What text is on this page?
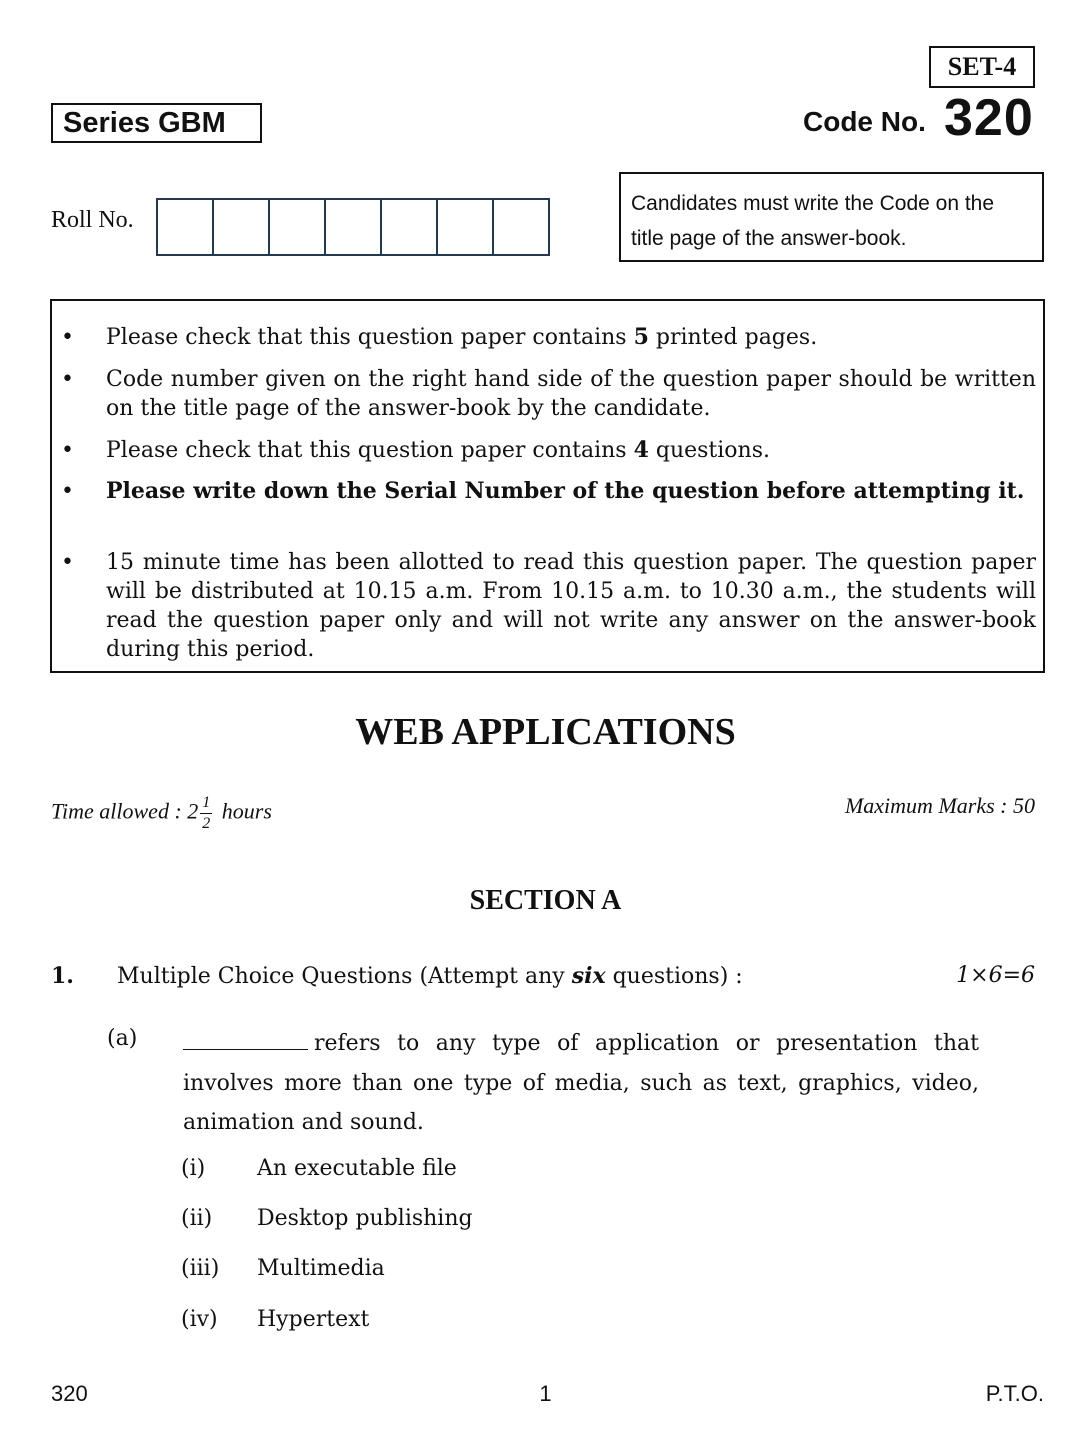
SET-4
Series GBM	Code No. 320
Roll No.
Candidates must write the Code on the
title page of the answer-book.
• Please check that this question paper contains 5 printed pages.
• Code number given on the right hand side of the question paper should be written on the title page of the answer-book by the candidate.
• Please check that this question paper contains 4 questions.
• Please write down the Serial Number of the question before attempting it.
• 15 minute time has been allotted to read this question paper. The question paper will be distributed at 10.15 a.m. From 10.15 a.m. to 10.30 a.m., the students will read the question paper only and will not write any answer on the answer-book during this period.
WEB APPLICATIONS
Time allowed : $2 \frac{1}{2}$ hours	Maximum Marks : 50
SECTION A
1. Multiple Choice Questions (Attempt any six questions) :	1×6=6
(a)	refers to any type of application or presentation that involves more than one type of media, such as text, graphics, video, animation and sound.
(i) An executable file
(ii) Desktop publishing
(iii) Multimedia
(iv) Hypertext
320	1	P.T.O.
